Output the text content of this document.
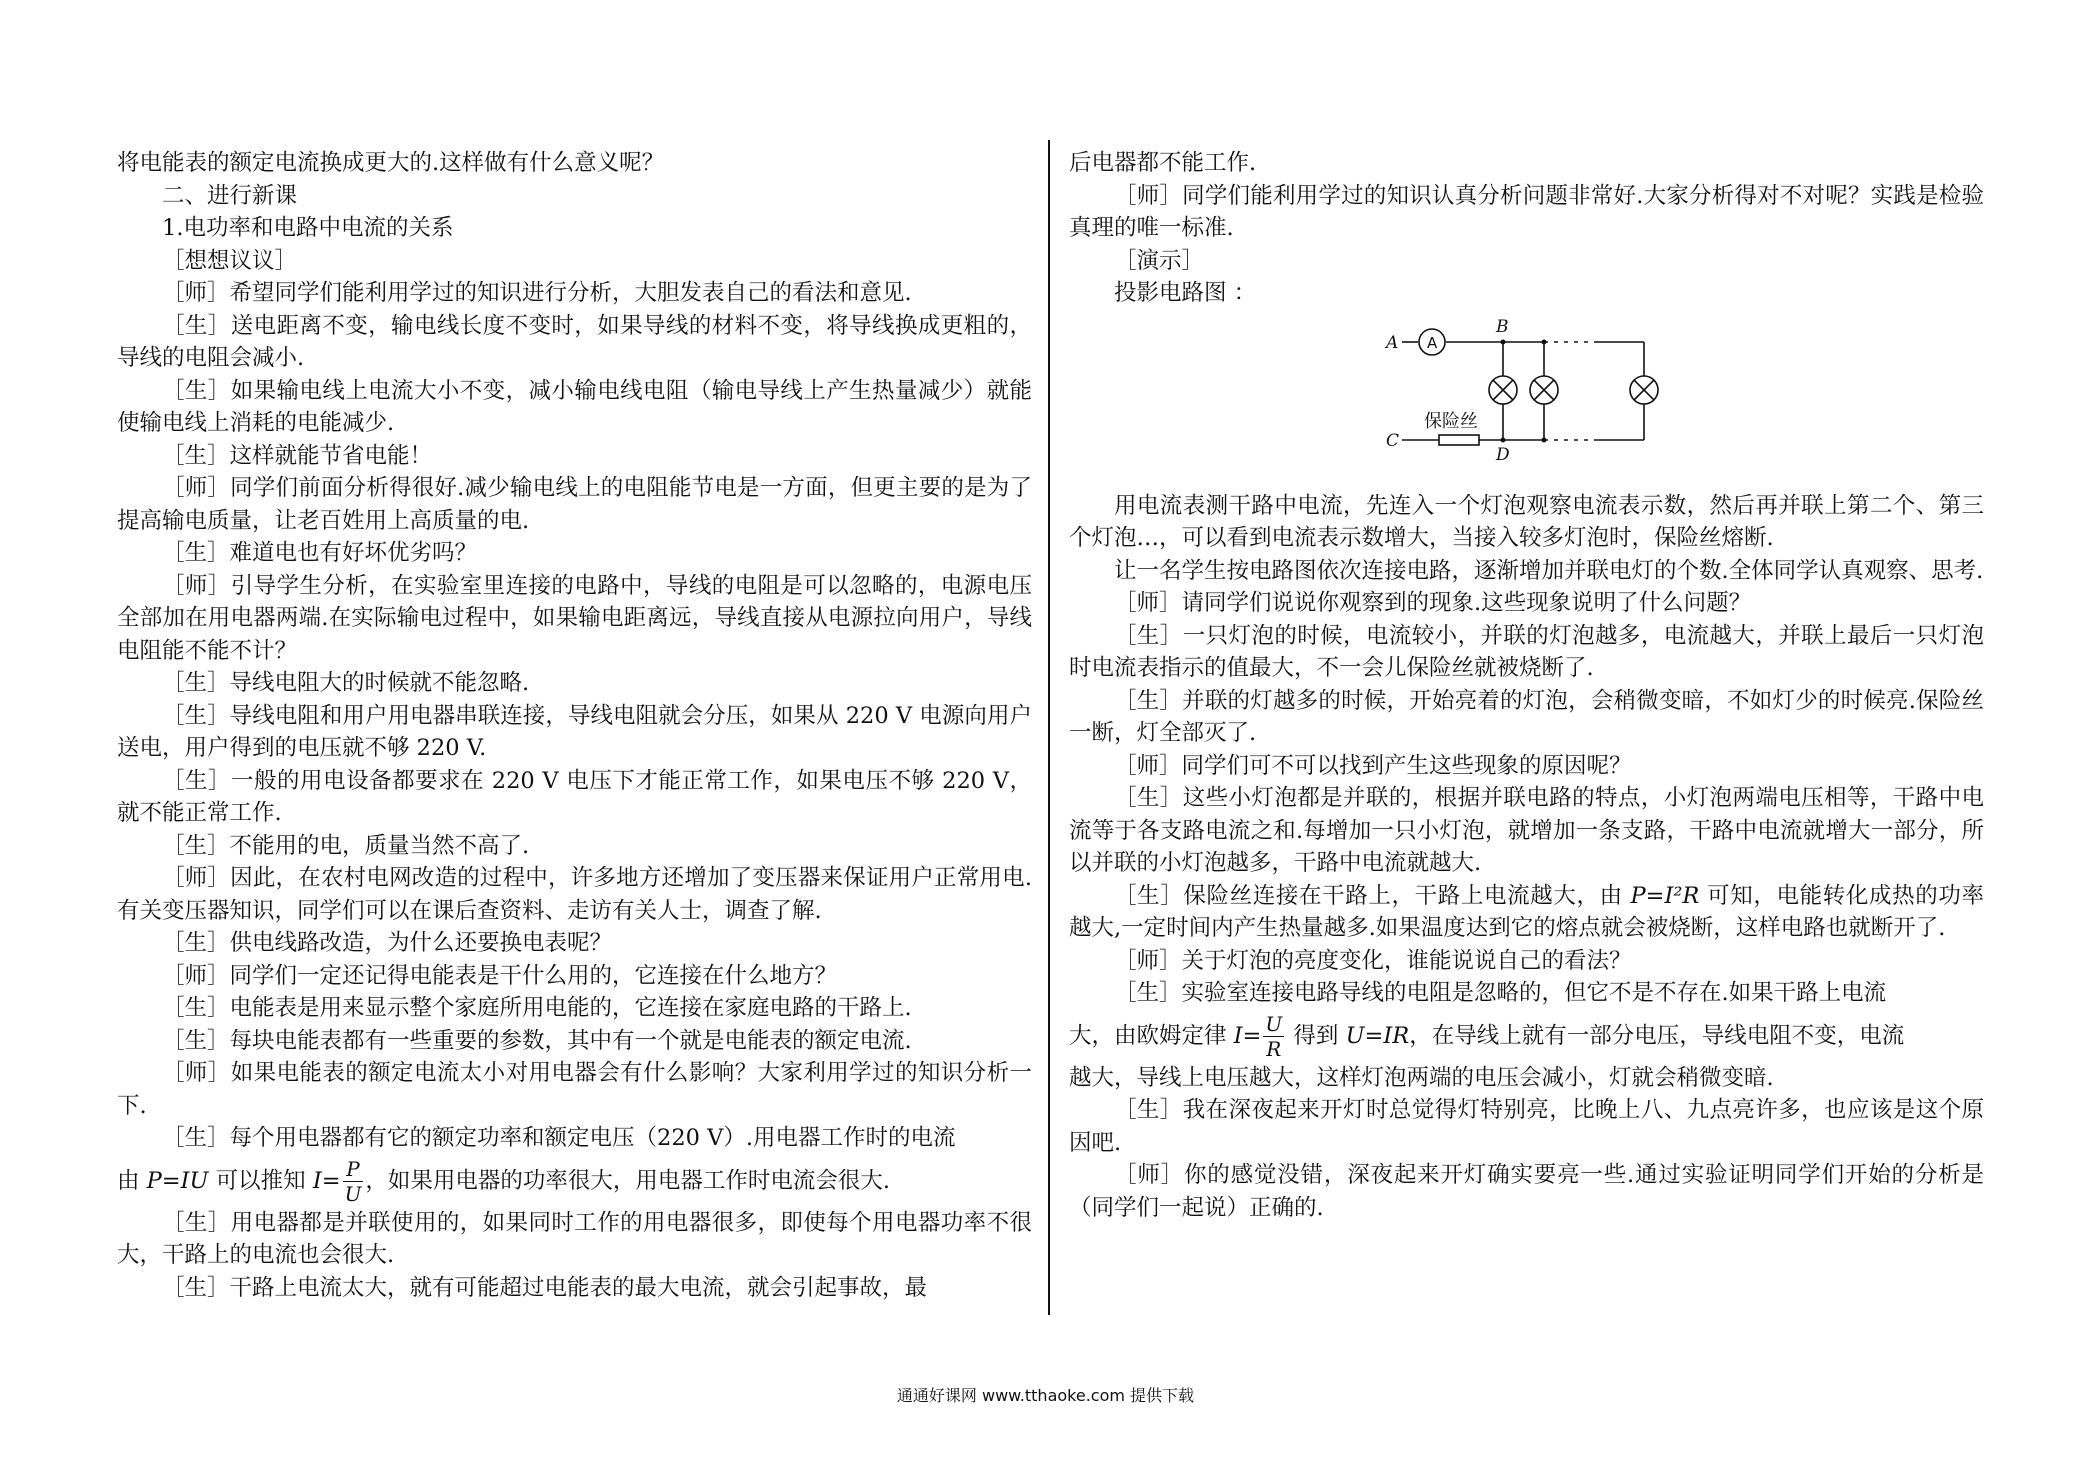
将电能表的额定电流换成更大的.这样做有什么意义呢？

二、进行新课

1.电功率和电路中电流的关系

［想想议议］

［师］希望同学们能利用学过的知识进行分析，大胆发表自己的看法和意见.

［生］送电距离不变，输电线长度不变时，如果导线的材料不变，将导线换成更粗的，导线的电阻会减小.

［生］如果输电线上电流大小不变，减小输电线电阻（输电导线上产生热量减少）就能使输电线上消耗的电能减少.

［生］这样就能节省电能！

［师］同学们前面分析得很好.减少输电线上的电阻能节电是一方面，但更主要的是为了提高输电质量，让老百姓用上高质量的电.

［生］难道电也有好坏优劣吗？

［师］引导学生分析，在实验室里连接的电路中，导线的电阻是可以忽略的，电源电压全部加在用电器两端.在实际输电过程中，如果输电距离远，导线直接从电源拉向用户，导线电阻能不能不计？

［生］导线电阻大的时候就不能忽略.

［生］导线电阻和用户用电器串联连接，导线电阻就会分压，如果从 220 V 电源向用户送电，用户得到的电压就不够 220 V.

［生］一般的用电设备都要求在 220 V 电压下才能正常工作，如果电压不够 220 V，就不能正常工作.

［生］不能用的电，质量当然不高了.

［师］因此，在农村电网改造的过程中，许多地方还增加了变压器来保证用户正常用电.有关变压器知识，同学们可以在课后查资料、走访有关人士，调查了解.

［生］供电线路改造，为什么还要换电表呢？

［师］同学们一定还记得电能表是干什么用的，它连接在什么地方？

［生］电能表是用来显示整个家庭所用电能的，它连接在家庭电路的干路上.

［生］每块电能表都有一些重要的参数，其中有一个就是电能表的额定电流.

［师］如果电能表的额定电流太小对用电器会有什么影响？大家利用学过的知识分析一下.

［生］每个用电器都有它的额定功率和额定电压（220 V）.用电器工作时的电流

由 P=IU 可以推知 $I= \frac{P}{U}$ ，如果用电器的功率很大，用电器工作时电流会很大.

［生］用电器都是并联使用的，如果同时工作的用电器很多，即使每个用电器功率不很大，干路上的电流也会很大.

［生］干路上电流太大，就有可能超过电能表的最大电流，就会引起事故，最

后电器都不能工作.

［师］同学们能利用学过的知识认真分析问题非常好.大家分析得对不对呢？实践是检验真理的唯一标准.

［演示］

投影电路图 ：

A
C
B
D
A
保险丝

用电流表测干路中电流，先连入一个灯泡观察电流表示数，然后再并联上第二个、第三个灯泡…，可以看到电流表示数增大，当接入较多灯泡时，保险丝熔断.

让一名学生按电路图依次连接电路，逐渐增加并联电灯的个数.全体同学认真观察、思考.

［师］请同学们说说你观察到的现象.这些现象说明了什么问题？

［生］一只灯泡的时候，电流较小，并联的灯泡越多，电流越大，并联上最后一只灯泡时电流表指示的值最大，不一会儿保险丝就被烧断了.

［生］并联的灯越多的时候，开始亮着的灯泡，会稍微变暗，不如灯少的时候亮.保险丝一断，灯全部灭了.

［师］同学们可不可以找到产生这些现象的原因呢？

［生］这些小灯泡都是并联的，根据并联电路的特点，小灯泡两端电压相等，干路中电流等于各支路电流之和.每增加一只小灯泡，就增加一条支路，干路中电流就增大一部分，所以并联的小灯泡越多，干路中电流就越大.

［生］保险丝连接在干路上，干路上电流越大，由 P=I²R 可知，电能转化成热的功率越大,一定时间内产生热量越多.如果温度达到它的熔点就会被烧断，这样电路也就断开了.

［师］关于灯泡的亮度变化，谁能说说自己的看法？

［生］实验室连接电路导线的电阻是忽略的，但它不是不存在.如果干路上电流

大，由欧姆定律 $I= \frac{U}{R}$ 得到 U=IR，在导线上就有一部分电压，导线电阻不变，电流

越大，导线上电压越大，这样灯泡两端的电压会减小，灯就会稍微变暗.

［生］我在深夜起来开灯时总觉得灯特别亮，比晚上八、九点亮许多，也应该是这个原因吧.

［师］你的感觉没错，深夜起来开灯确实要亮一些.通过实验证明同学们开始的分析是（同学们一起说）正确的.

通通好课网 www.tthaoke.com 提供下载
